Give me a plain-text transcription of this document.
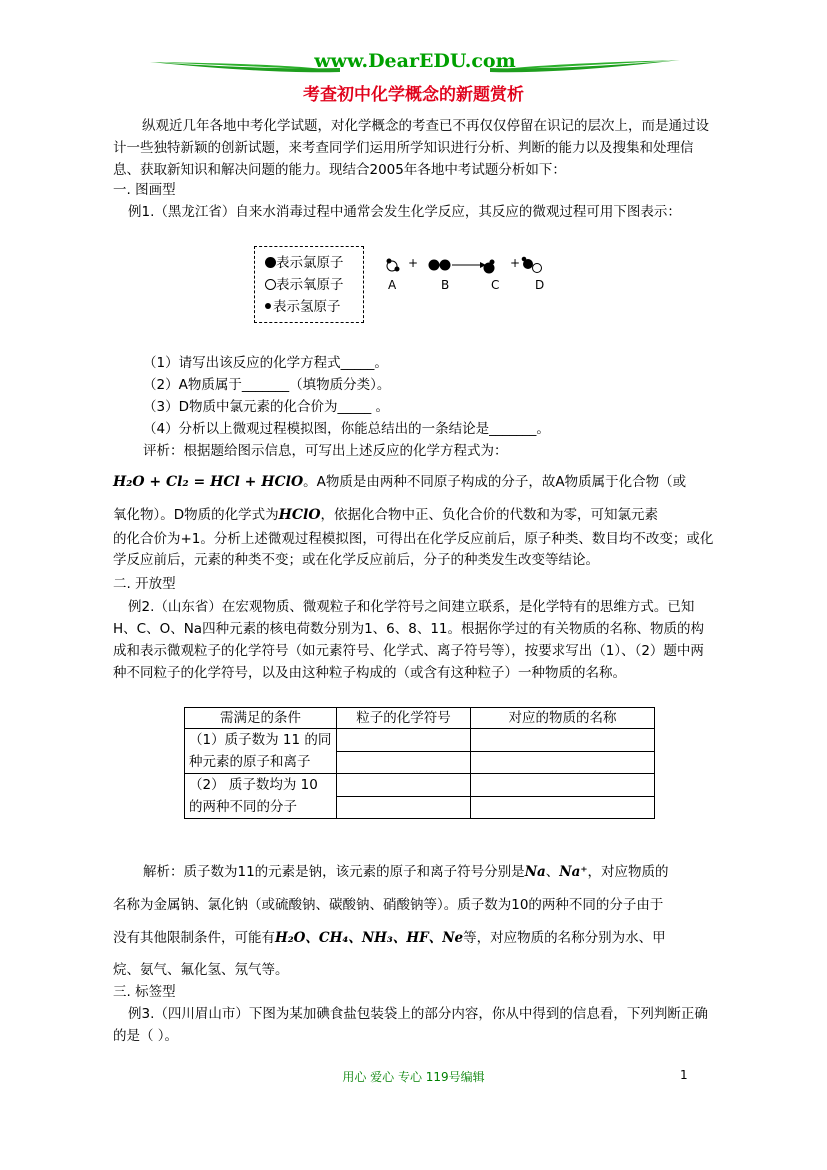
www.DearEDU.com
考查初中化学概念的新题赏析

纵观近几年各地中考化学试题，对化学概念的考查已不再仅仅停留在识记的层次上，而是通过设计一些独特新颖的创新试题，来考查同学们运用所学知识进行分析、判断的能力以及搜集和处理信息、获取新知识和解决问题的能力。现结合2005年各地中考试题分析如下：

一. 图画型
例1.（黑龙江省）自来水消毒过程中通常会发生化学反应，其反应的微观过程可用下图表示：
表示氯原子
表示氧原子
表示氢原子
+	+
A	B	C	D
（1）请写出该反应的化学方程式_____。
（2）A物质属于_______（填物质分类）。
（3）D物质中氯元素的化合价为_____ 。
（4）分析以上微观过程模拟图，你能总结出的一条结论是_______。
评析：根据题给图示信息，可写出上述反应的化学方程式为：
H₂O + Cl₂ = HCl + HClO。A物质是由两种不同原子构成的分子，故A物质属于化合物（或
氧化物）。D物质的化学式为HClO，依据化合物中正、负化合价的代数和为零，可知氯元素

的化合价为+1。分析上述微观过程模拟图，可得出在化学反应前后，原子种类、数目均不改变；或化学反应前后，元素的种类不变；或在化学反应前后，分子的种类发生改变等结论。

二. 开放型

例2.（山东省）在宏观物质、微观粒子和化学符号之间建立联系，是化学特有的思维方式。已知H、C、O、Na四种元素的核电荷数分别为1、6、8、11。根据你学过的有关物质的名称、物质的构成和表示微观粒子的化学符号（如元素符号、化学式、离子符号等），按要求写出（1）、（2）题中两种不同粒子的化学符号，以及由这种粒子构成的（或含有这种粒子）一种物质的名称。

需满足的条件	粒子的化学符号	对应的物质的名称

（1）质子数为 11 的同
种元素的原子和离子		

（2） 质子数均为 10
的两种不同的分子		

解析：质子数为11的元素是钠，该元素的原子和离子符号分别是Na、Na⁺，对应物质的
名称为金属钠、氯化钠（或硫酸钠、碳酸钠、硝酸钠等）。质子数为10的两种不同的分子由于
没有其他限制条件，可能有H₂O、CH₄、NH₃、HF、Ne等，对应物质的名称分别为水、甲
烷、氨气、氟化氢、氖气等。
三. 标签型

例3.（四川眉山市）下图为某加碘食盐包装袋上的部分内容，你从中得到的信息看，下列判断正确的是（ ）。

用心 爱心 专心 119号编辑	1
